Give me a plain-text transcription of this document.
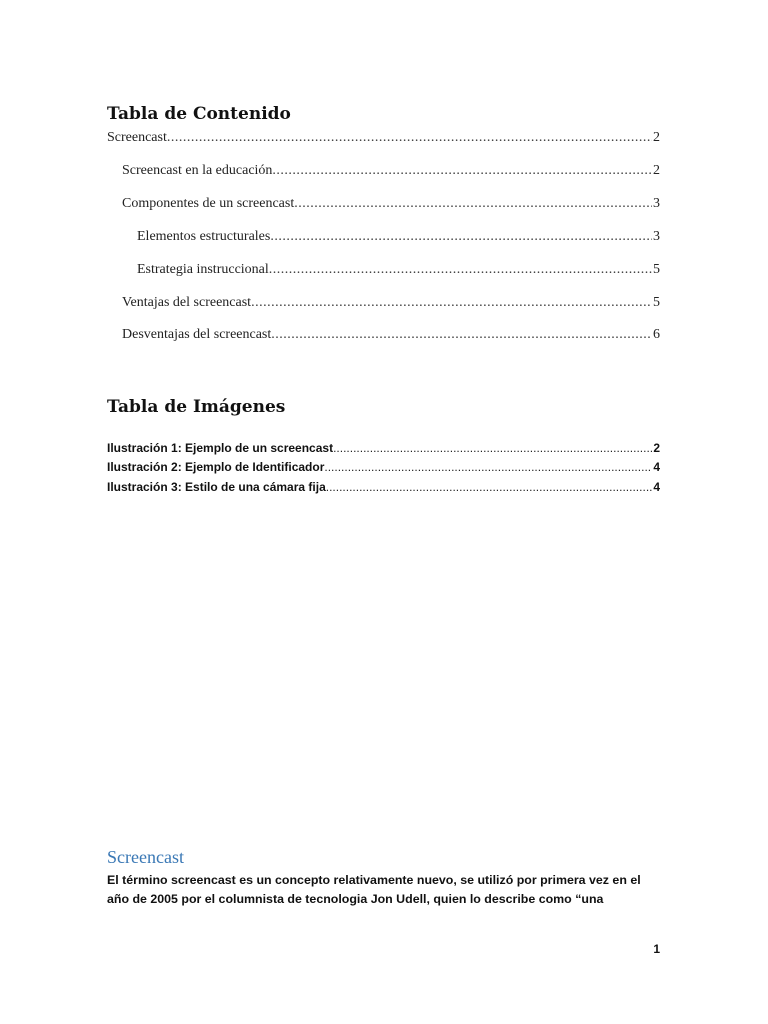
Tabla de Contenido
Screencast .....	2
Screencast en la educación .....	2
Componentes de un screencast .....	3
Elementos estructurales .....	3
Estrategia instruccional .....	5
Ventajas del screencast .....	5
Desventajas del screencast .....	6
Tabla de Imágenes
Ilustración 1: Ejemplo de un screencast .....	2
Ilustración 2: Ejemplo de Identificador .....	4
Ilustración 3: Estilo de una cámara fija .....	4
Screencast
El término screencast es un concepto relativamente nuevo, se utilizó por primera vez en el año de 2005 por el columnista de tecnologia Jon Udell, quien lo describe como “una
1
